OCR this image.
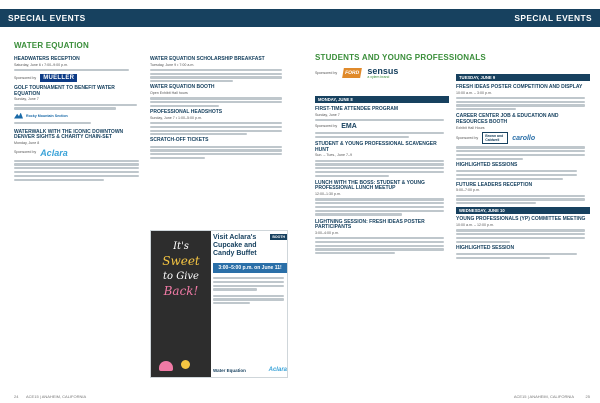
SPECIAL EVENTS
WATER EQUATION
HEADWATERS RECEPTION
Saturday, June 6 • 7:00–9:00 p.m.
Sponsored by	MUELLER
GOLF TOURNAMENT TO BENEFIT WATER EQUATION
Sunday, June 7
Rocky Mountain Section
WATERWALK WITH THE ICONIC DOWNTOWN DENVER SIGHTS & CHARITY CHAIN-SET
Monday, June 8
Sponsored by Aclara
WATER EQUATION SCHOLARSHIP BREAKFAST
Tuesday, June 9 • 7:00 a.m.
WATER EQUATION BOOTH
Open Exhibit Hall hours
PROFESSIONAL HEADSHOTS
Sunday, June 7 • 1:00–5:00 p.m.
SCRATCH-OFF TICKETS
It's
Sweet
to Give
Back!
Visit Aclara's Cupcake and Candy Buffet
BOOTH
3:00–5:00 p.m. on June 11!
Water Equation	Aclara
24 ACE15 | ANAHEIM, CALIFORNIA
SPECIAL EVENTS
STUDENTS AND YOUNG PROFESSIONALS
Sponsored by	FORD sensus
a xylem brand
MONDAY, JUNE 8
FIRST-TIME ATTENDEE PROGRAM
Sunday, June 7
Sponsored by EMA
STUDENT & YOUNG PROFESSIONAL SCAVENGER HUNT
Sun. – Tues., June 7–9
LUNCH WITH THE BOSS: STUDENT & YOUNG PROFESSIONAL LUNCH MEETUP
12:00–1:30 p.m.
LIGHTNING SESSION: FRESH IDEAS POSTER PARTICIPANTS
3:00–4:00 p.m.
TUESDAY, JUNE 9
FRESH IDEAS POSTER COMPETITION AND DISPLAY
10:00 a.m. – 3:00 p.m.
CAREER CENTER JOB & EDUCATION AND RESOURCES BOOTH
Exhibit Hall Hours
Sponsored by	Brown and Caldwell	carollo
HIGHLIGHTED SESSIONS
FUTURE LEADERS RECEPTION
5:00–7:00 p.m.
WEDNESDAY, JUNE 10
YOUNG PROFESSIONALS (YP) COMMITTEE MEETING
10:00 a.m. – 12:00 p.m.
HIGHLIGHTED SESSION
ACE15 | ANAHEIM, CALIFORNIA	25
